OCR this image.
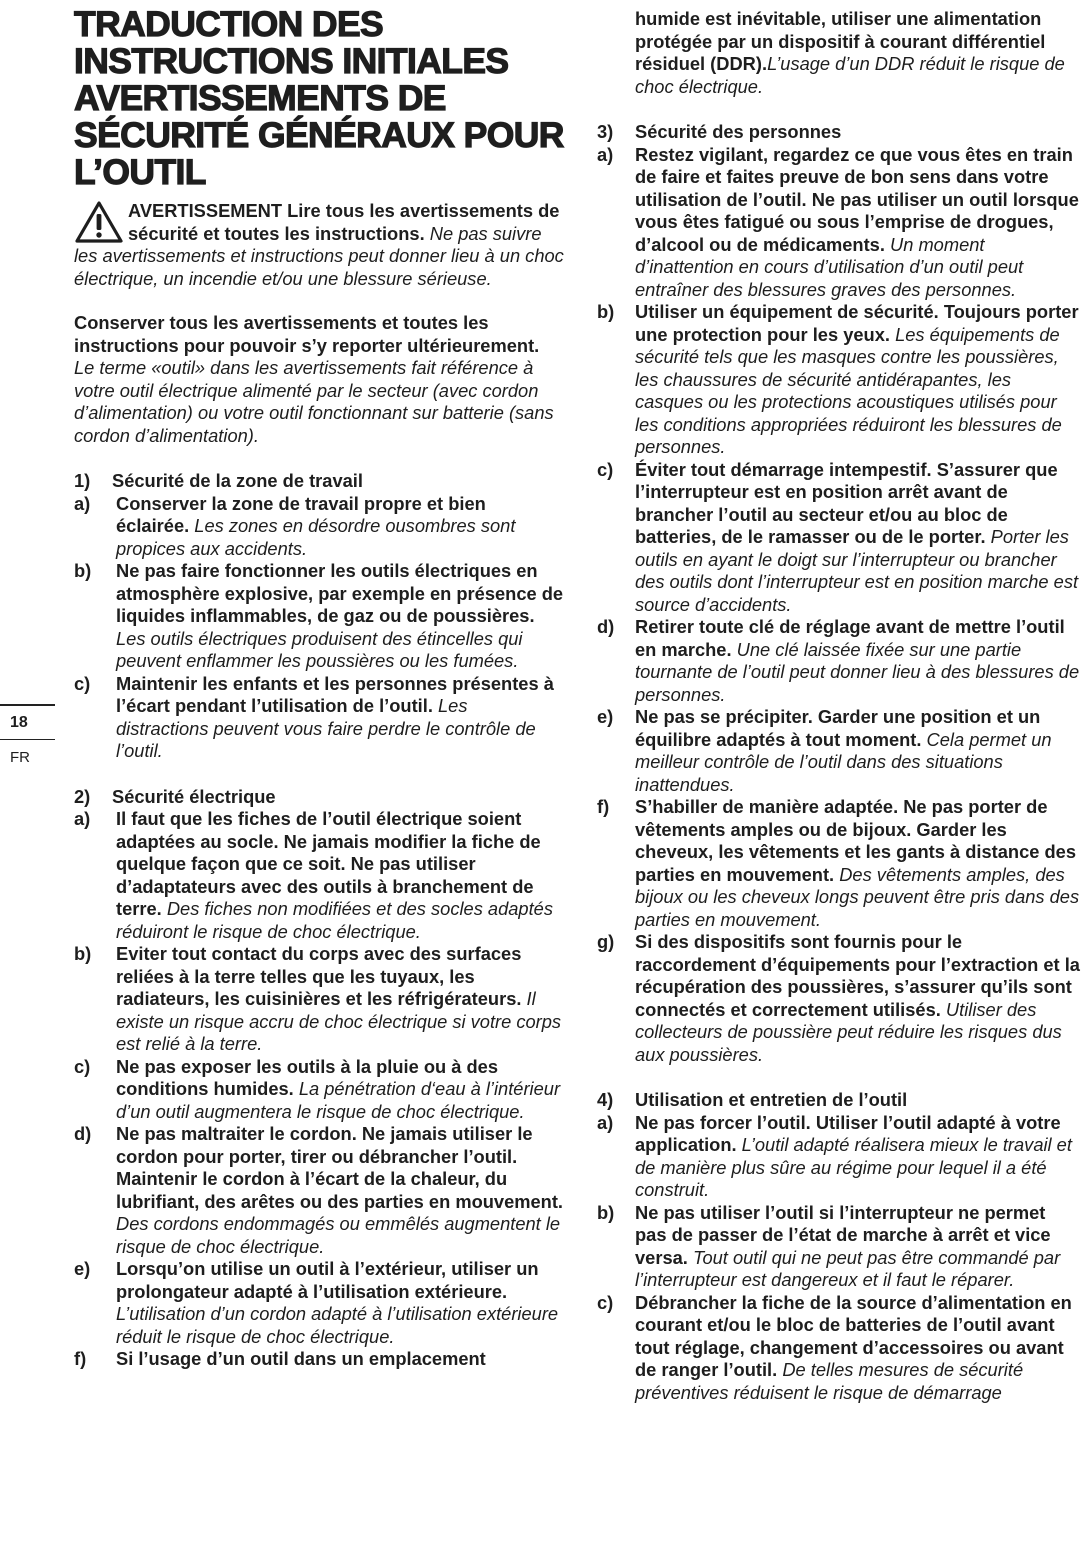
18
FR
TRADUCTION DES INSTRUCTIONS INITIALES AVERTISSEMENTS DE SÉCURITÉ GÉNÉRAUX POUR L’OUTIL

AVERTISSEMENT Lire tous les avertissements de sécurité et toutes les instructions. Ne pas suivre les avertissements et instructions peut donner lieu à un choc électrique, un incendie et/ou une blessure sérieuse.

Conserver tous les avertissements et toutes les instructions pour pouvoir s’y reporter ultérieurement.
Le terme «outil» dans les avertissements fait référence à votre outil électrique alimenté par le secteur (avec cordon d’alimentation) ou votre outil fonctionnant sur batterie (sans cordon d’alimentation).

1) Sécurité de la zone de travail
a) Conserver la zone de travail propre et bien éclairée. Les zones en désordre ousombres sont propices aux accidents.
b) Ne pas faire fonctionner les outils électriques en atmosphère explosive, par exemple en présence de liquides inflammables, de gaz ou de poussières. Les outils électriques produisent des étincelles qui peuvent enflammer les poussières ou les fumées.
c) Maintenir les enfants et les personnes présentes à l’écart pendant l’utilisation de l’outil. Les distractions peuvent vous faire perdre le contrôle de l’outil.
2) Sécurité électrique
a) Il faut que les fiches de l’outil électrique soient adaptées au socle. Ne jamais modifier la fiche de quelque façon que ce soit. Ne pas utiliser d’adaptateurs avec des outils à branchement de terre. Des fiches non modifiées et des socles adaptés réduiront le risque de choc électrique.
b) Eviter tout contact du corps avec des surfaces reliées à la terre telles que les tuyaux, les radiateurs, les cuisinières et les réfrigérateurs. Il existe un risque accru de choc électrique si votre corps est relié à la terre.
c) Ne pas exposer les outils à la pluie ou à des conditions humides. La pénétration d‘eau à l’intérieur d’un outil augmentera le risque de choc électrique.
d) Ne pas maltraiter le cordon. Ne jamais utiliser le cordon pour porter, tirer ou débrancher l’outil. Maintenir le cordon à l’écart de la chaleur, du lubrifiant, des arêtes ou des parties en mouvement. Des cordons endommagés ou emmêlés augmentent le risque de choc électrique.
e) Lorsqu’on utilise un outil à l’extérieur, utiliser un prolongateur adapté à l’utilisation extérieure. L’utilisation d’un cordon adapté à l’utilisation extérieure réduit le risque de choc électrique.
f) Si l’usage d’un outil dans un emplacement
humide est inévitable, utiliser une alimentation protégée par un dispositif à courant différentiel résiduel (DDR).L’usage d’un DDR réduit le risque de choc électrique.
3) Sécurité des personnes
a) Restez vigilant, regardez ce que vous êtes en train de faire et faites preuve de bon sens dans votre utilisation de l’outil. Ne pas utiliser un outil lorsque vous êtes fatigué ou sous l’emprise de drogues, d’alcool ou de médicaments. Un moment d’inattention en cours d’utilisation d’un outil peut entraîner des blessures graves des personnes.
b) Utiliser un équipement de sécurité. Toujours porter une protection pour les yeux. Les équipements de sécurité tels que les masques contre les poussières, les chaussures de sécurité antidérapantes, les casques ou les protections acoustiques utilisés pour les conditions appropriées réduiront les blessures de personnes.
c) Éviter tout démarrage intempestif. S’assurer que l’interrupteur est en position arrêt avant de brancher l’outil au secteur et/ou au bloc de batteries, de le ramasser ou de le porter. Porter les outils en ayant le doigt sur l’interrupteur ou brancher des outils dont l’interrupteur est en position marche est source d’accidents.
d) Retirer toute clé de réglage avant de mettre l’outil en marche. Une clé laissée fixée sur une partie tournante de l’outil peut donner lieu à des blessures de personnes.
e) Ne pas se précipiter. Garder une position et un équilibre adaptés à tout moment. Cela permet un meilleur contrôle de l’outil dans des situations inattendues.
f) S’habiller de manière adaptée. Ne pas porter de vêtements amples ou de bijoux. Garder les cheveux, les vêtements et les gants à distance des parties en mouvement. Des vêtements amples, des bijoux ou les cheveux longs peuvent être pris dans des parties en mouvement.
g) Si des dispositifs sont fournis pour le raccordement d’équipements pour l’extraction et la récupération des poussières, s’assurer qu’ils sont connectés et correctement utilisés. Utiliser des collecteurs de poussière peut réduire les risques dus aux poussières.
4) Utilisation et entretien de l’outil
a) Ne pas forcer l’outil. Utiliser l’outil adapté à votre application. L’outil adapté réalisera mieux le travail et de manière plus sûre au régime pour lequel il a été construit.
b) Ne pas utiliser l’outil si l’interrupteur ne permet pas de passer de l’état de marche à arrêt et vice versa. Tout outil qui ne peut pas être commandé par l’interrupteur est dangereux et il faut le réparer.
c) Débrancher la fiche de la source d’alimentation en courant et/ou le bloc de batteries de l’outil avant tout réglage, changement d’accessoires ou avant de ranger l’outil. De telles mesures de sécurité préventives réduisent le risque de démarrage
